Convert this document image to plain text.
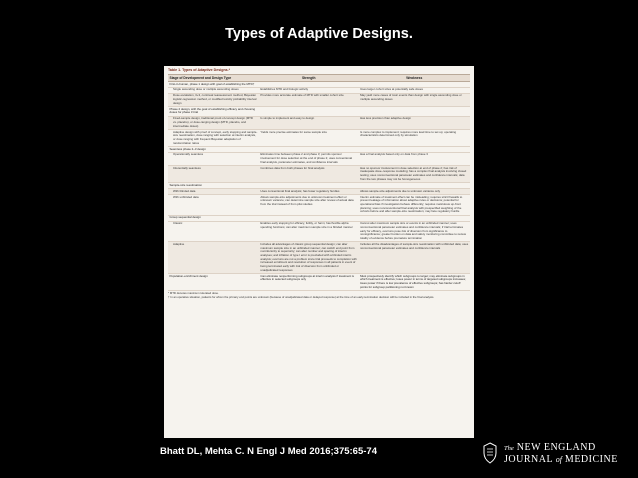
Types of Adaptive Designs.
Table 1. Types of Adaptive Designs.*
Stage of Development and Design Type	Strength	Weakness
First-in-human, phase 1 design with goal of establishing the MTD†		
Single ascending dose or multiple ascending doses	Establishes MTD and biologic activity	Uses larger cohort sizes at potentially safe doses
Dose escalation, 3+3, continual reassessment method, Bayesian logistic-regression method, or modified toxicity probability interval design	Provides more accurate estimate of MTD with smaller cohort size	May yield more cases of toxic events than design with single ascending dose or multiple ascending doses
Phase 2 design, with the goal of establishing efficacy and choosing doses for phase 3 trial		
Fixed-sample design, traditional proof-of-concept design (MTD vs. placebo), or dose-ranging design (MTD, placebo, and intermediate doses)	Is simple to implement and easy to design	Has less precision than adaptive design
Adaptive design with proof of concept, early stopping and sample-size reestimation, dose ranging with selection at interim analysis, or dose ranging with frequent Bayesian adaptation of randomization ratios	Yields more precise estimates for same sample size	Is more complex to implement; requires more lead time to set up; operating characteristics determined only by simulation
Seamless phase 2–3 design		
Operationally seamless	Eliminates time between phase 2 and phase 3; permits sponsor involvement for dose selection at the end of phase 2; uses conventional final analysis, parameter estimates, and confidence intervals	Has a final analysis based only on data from phase 3
Inferentially seamless	Combines data from both phases for final analysis	Has no sponsor involvement in dose selection at end of phase 2; has risk of inadequate dose–response modeling; has a complex final analysis involving closed testing; uses nonconventional parameter estimates and confidence intervals; data from the two phases may not be homogeneous
Sample-size reestimation		
With blinded data	Uses conventional final analysis; has fewer regulatory hurdles	Allows sample-size adjustments due to unknown variance only
With unblinded data	Allows sample-size adjustments due to unknown treatment effect or unknown variance; can determine sample size after review of actual data from the trial instead of from pilot studies	Interim estimate of treatment effect can be misleading; requires strict firewalls to prevent leakage of information about adaptive rules or decisions; potential for operational bias if investigators behave differently; requires meticulous up-front planning; uses nonconventional final analysis with prespecified weighting of the cohorts before and after sample-size reestimation; may face regulatory hurdle
Group sequential design		
Classic	Enables early stopping for efficacy, futility, or harm; has flexible alpha spending functions; can alter maximum sample size in a blinded manner	Cannot alter maximum sample size or events in an unblinded manner; uses nonconventional parameter estimates and confidence intervals; if trial terminates early for efficacy, overruns pose risk of diversion from significance to nonsignificance; greater burden on data and safety monitoring committee to review totality of evidence before premature termination
Adaptive	Includes all advantages of classic group sequential design; can alter maximum sample size in an unblinded manner; can switch end point from noninferiority to superiority; can alter number and spacing of interim analyses; and inflation of type I error is precluded with a blinded interim analysis; overruns are not a problem since trial proceeds to completion with increased enrollment and resolution of responses in all patients in event of being terminated early with risk of diversion from unblinded or unadjudicated responses	Includes all the disadvantages of sample-size reestimation with unblinded data; uses nonconventional parameter estimates and confidence intervals
Population-enrichment design	Can eliminate nonperforming subgroups at interim analysis if treatment is effective in selected subgroups only	Must prospectively identify which subgroups to target; may eliminate subgroups in which treatment is effective; loses power in terms of targeted subgroups increases; loses power if there is low prevalence of effective subgroups; has harder cutoff points for subgroup partitioning not known
* MTD denotes maximum tolerated dose.
† In an operative situation, patients for whom the primary end points are unknown (because of unadjudicated data or delayed response) at the time of an early-termination decision will be included in the final analysis.
Bhatt DL, Mehta C. N Engl J Med 2016;375:65-74	The NEW ENGLAND
JOURNAL of MEDICINE
